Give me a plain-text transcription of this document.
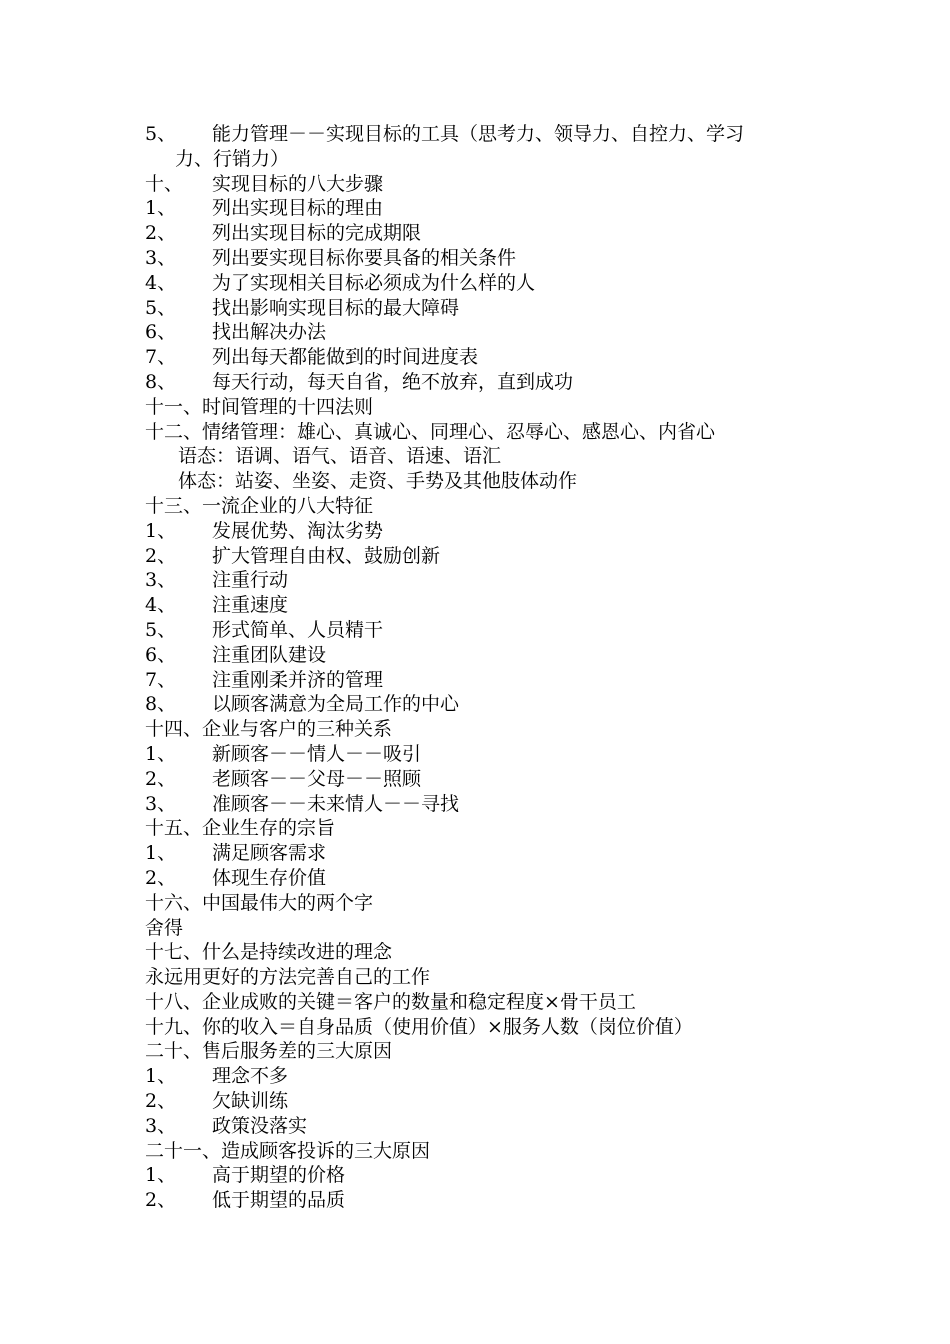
5、	能力管理－－实现目标的工具（思考力、领导力、自控力、学习
力、行销力）
十、	实现目标的八大步骤
1、	列出实现目标的理由
2、	列出实现目标的完成期限
3、	列出要实现目标你要具备的相关条件
4、	为了实现相关目标必须成为什么样的人
5、	找出影响实现目标的最大障碍
6、	找出解决办法
7、	列出每天都能做到的时间进度表
8、	每天行动，每天自省，绝不放弃，直到成功
十一、时间管理的十四法则
十二、情绪管理：雄心、真诚心、同理心、忍辱心、感恩心、内省心
语态：语调、语气、语音、语速、语汇
体态：站姿、坐姿、走资、手势及其他肢体动作
十三、一流企业的八大特征
1、	发展优势、淘汰劣势
2、	扩大管理自由权、鼓励创新
3、	注重行动
4、	注重速度
5、	形式简单、人员精干
6、	注重团队建设
7、	注重刚柔并济的管理
8、	以顾客满意为全局工作的中心
十四、企业与客户的三种关系
1、	新顾客－－情人－－吸引
2、	老顾客－－父母－－照顾
3、	准顾客－－未来情人－－寻找
十五、企业生存的宗旨
1、	满足顾客需求
2、	体现生存价值
十六、中国最伟大的两个字
舍得
十七、什么是持续改进的理念
永远用更好的方法完善自己的工作
十八、企业成败的关键＝客户的数量和稳定程度×骨干员工
十九、你的收入＝自身品质（使用价值）×服务人数（岗位价值）
二十、售后服务差的三大原因
1、	理念不多
2、	欠缺训练
3、	政策没落实
二十一、造成顾客投诉的三大原因
1、	高于期望的价格
2、	低于期望的品质
